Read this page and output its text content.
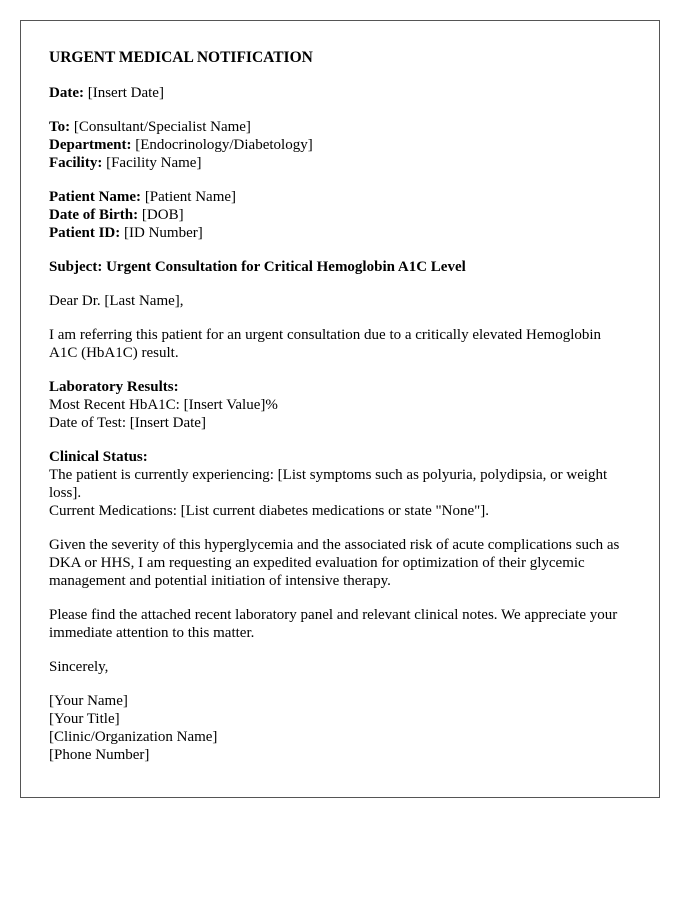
URGENT MEDICAL NOTIFICATION
Date: [Insert Date]
To: [Consultant/Specialist Name]
Department: [Endocrinology/Diabetology]
Facility: [Facility Name]
Patient Name: [Patient Name]
Date of Birth: [DOB]
Patient ID: [ID Number]
Subject: Urgent Consultation for Critical Hemoglobin A1C Level
Dear Dr. [Last Name],
I am referring this patient for an urgent consultation due to a critically elevated Hemoglobin A1C (HbA1C) result.
Laboratory Results:
Most Recent HbA1C: [Insert Value]%
Date of Test: [Insert Date]
Clinical Status:
The patient is currently experiencing: [List symptoms such as polyuria, polydipsia, or weight loss].
Current Medications: [List current diabetes medications or state "None"].
Given the severity of this hyperglycemia and the associated risk of acute complications such as DKA or HHS, I am requesting an expedited evaluation for optimization of their glycemic management and potential initiation of intensive therapy.
Please find the attached recent laboratory panel and relevant clinical notes. We appreciate your immediate attention to this matter.
Sincerely,
[Your Name]
[Your Title]
[Clinic/Organization Name]
[Phone Number]
